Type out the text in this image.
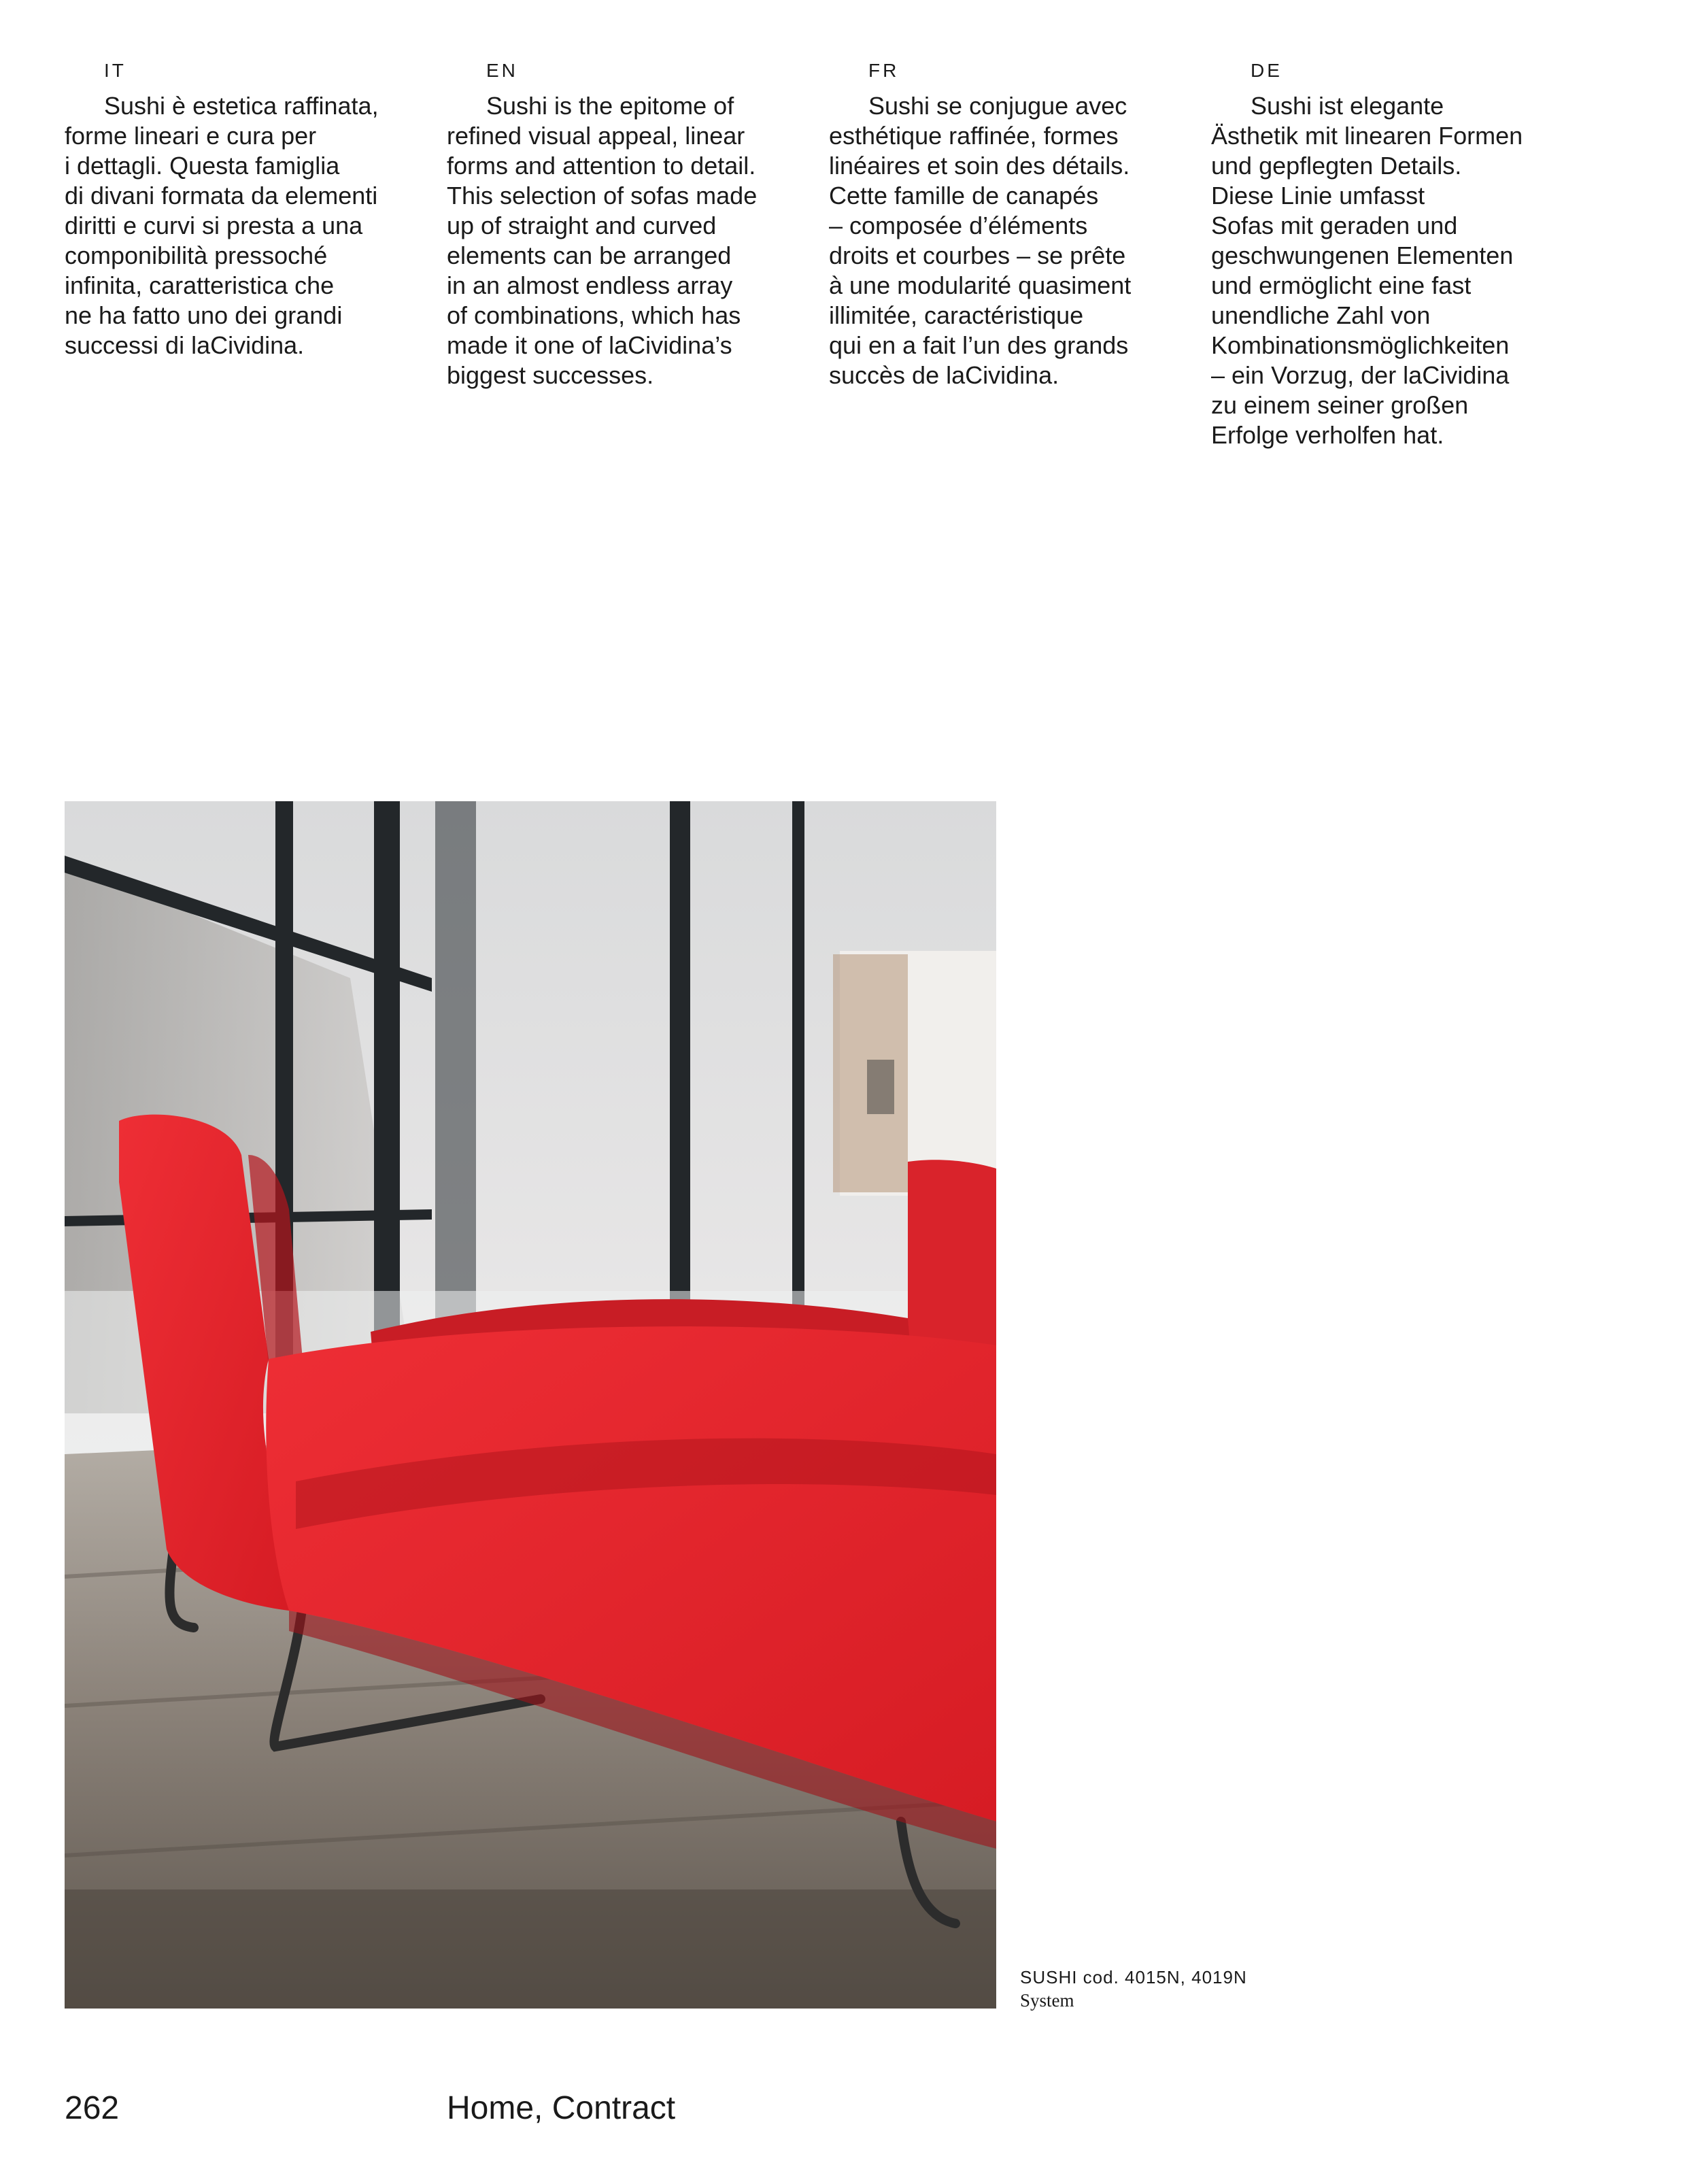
IT

Sushi è estetica raffinata,
forme lineari e cura per
i dettagli. Questa famiglia
di divani formata da elementi
diritti e curvi si presta a una
componibilità pressoché
infinita, caratteristica che
ne ha fatto uno dei grandi
successi di laCividina.

EN

Sushi is the epitome of
refined visual appeal, linear
forms and attention to detail.
This selection of sofas made
up of straight and curved
elements can be arranged
in an almost endless array
of combinations, which has
made it one of laCividina’s
biggest successes.

FR

Sushi se conjugue avec
esthétique raffinée, formes
linéaires et soin des détails.
Cette famille de canapés
– composée d’éléments
droits et courbes – se prête
à une modularité quasiment
illimitée, caractéristique
qui en a fait l’un des grands
succès de laCividina.

DE

Sushi ist elegante
Ästhetik mit linearen Formen
und gepflegten Details.
Diese Linie umfasst
Sofas mit geraden und
geschwungenen Elementen
und ermöglicht eine fast
unendliche Zahl von
Kombinationsmöglichkeiten
– ein Vorzug, der laCividina
zu einem seiner großen
Erfolge verholfen hat.

SUSHI cod. 4015N, 4019N
System
262	Home, Contract
